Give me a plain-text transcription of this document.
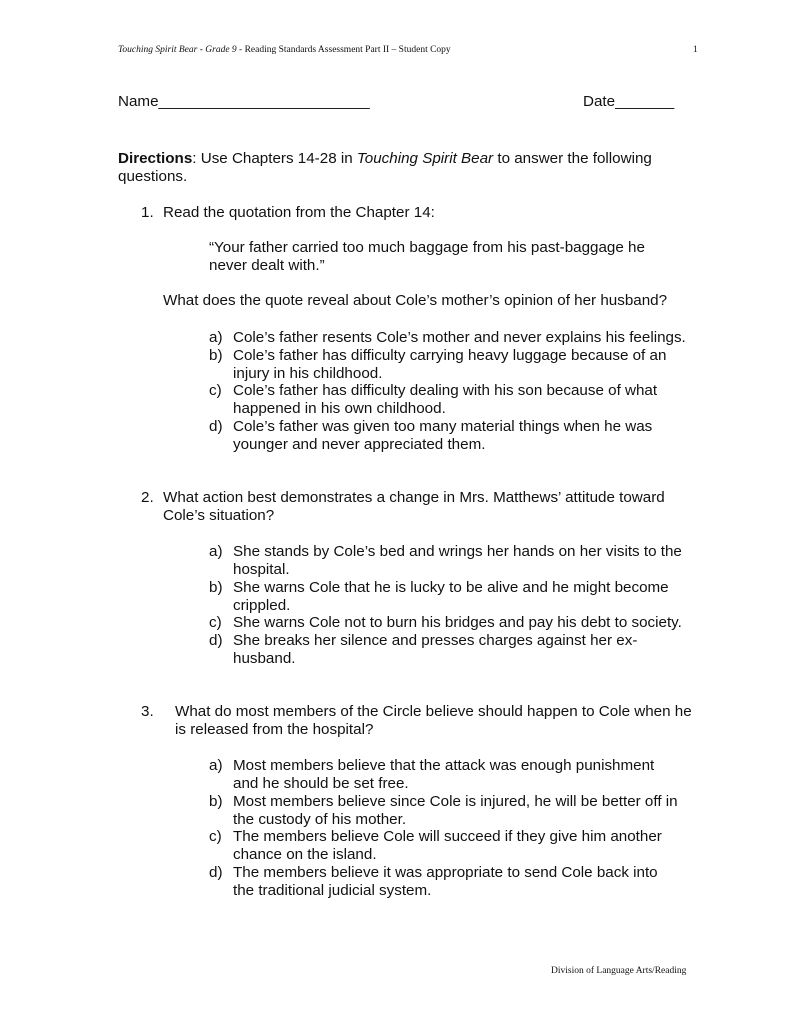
Touching Spirit Bear - Grade 9 - Reading Standards Assessment Part II – Student Copy	1
Name_________________________	Date_______
Directions: Use Chapters 14-28 in Touching Spirit Bear to answer the following questions.
1. Read the quotation from the Chapter 14:
“Your father carried too much baggage from his past-baggage he never dealt with.”
What does the quote reveal about Cole’s mother’s opinion of her husband?
a) Cole’s father resents Cole’s mother and never explains his feelings.
b) Cole’s father has difficulty carrying heavy luggage because of an injury in his childhood.
c) Cole’s father has difficulty dealing with his son because of what happened in his own childhood.
d) Cole’s father was given too many material things when he was younger and never appreciated them.
2. What action best demonstrates a change in Mrs. Matthews’ attitude toward Cole’s situation?
a) She stands by Cole’s bed and wrings her hands on her visits to the hospital.
b) She warns Cole that he is lucky to be alive and he might become crippled.
c) She warns Cole not to burn his bridges and pay his debt to society.
d) She breaks her silence and presses charges against her ex-husband.
3. What do most members of the Circle believe should happen to Cole when he is released from the hospital?
a) Most members believe that the attack was enough punishment and he should be set free.
b) Most members believe since Cole is injured, he will be better off in the custody of his mother.
c) The members believe Cole will succeed if they give him another chance on the island.
d) The members believe it was appropriate to send Cole back into the traditional judicial system.
Division of Language Arts/Reading
